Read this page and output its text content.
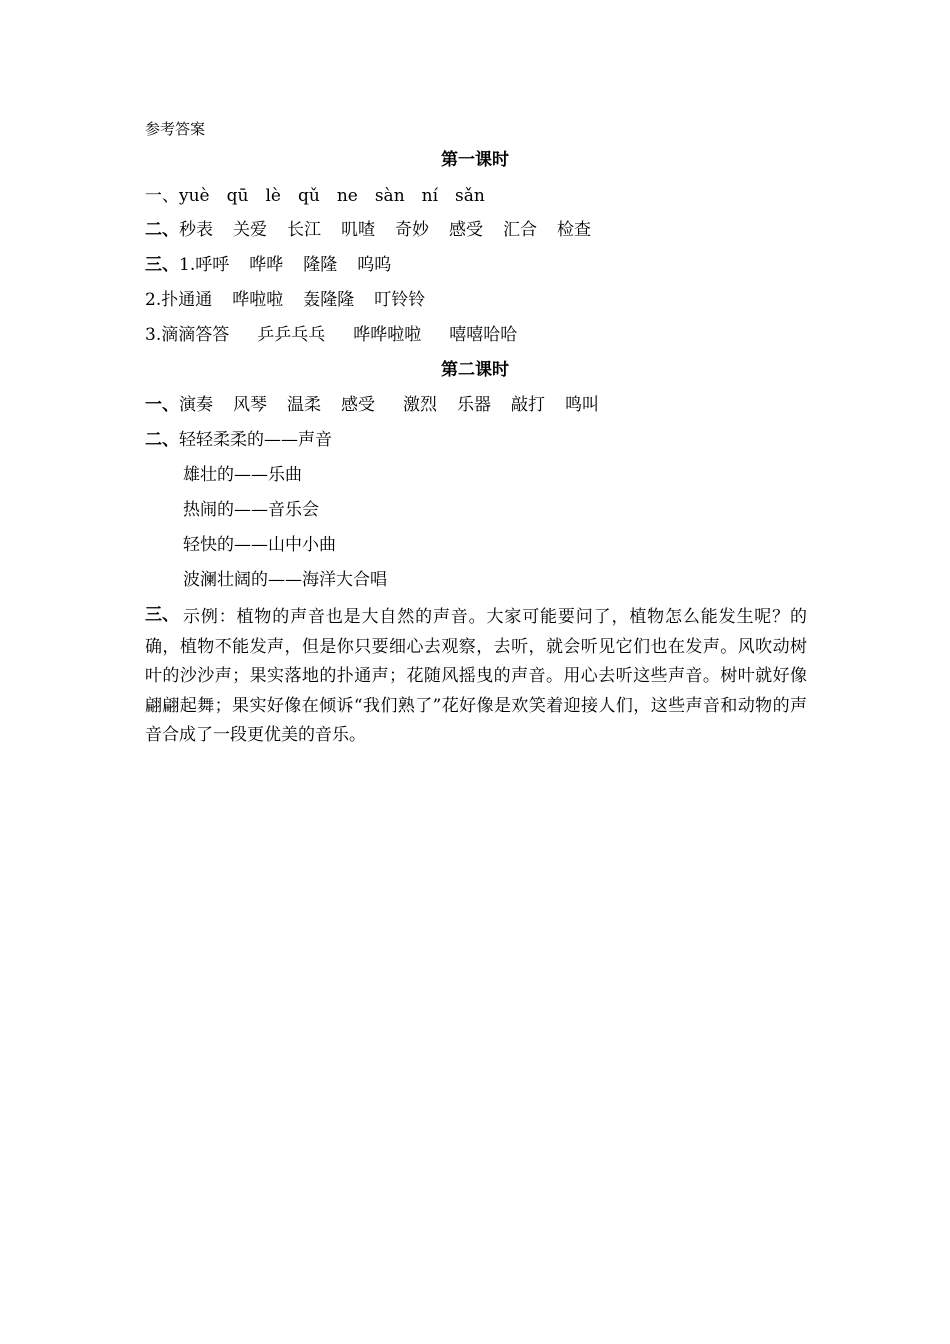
参考答案
第一课时
一、yuè qū lè qǔ ne sàn ní sǎn
二、秒表 关爱 长江 叽喳 奇妙 感受 汇合 检查
三、1.呼呼 哗哗 隆隆 呜呜
2.扑通通 哗啦啦 轰隆隆 叮铃铃
3.滴滴答答 乒乒乓乓 哗哗啦啦 嘻嘻哈哈
第二课时
一、演奏 风琴 温柔 感受 激烈 乐器 敲打 鸣叫
二、轻轻柔柔的——声音
雄壮的——乐曲
热闹的——音乐会
轻快的——山中小曲
波澜壮阔的——海洋大合唱
三、 示例：植物的声音也是大自然的声音。大家可能要问了，植物怎么能发生呢？的确，植物不能发声，但是你只要细心去观察，去听，就会听见它们也在发声。风吹动树叶的沙沙声；果实落地的扑通声；花随风摇曳的声音。用心去听这些声音。树叶就好像翩翩起舞；果实好像在倾诉“我们熟了”花好像是欢笑着迎接人们，这些声音和动物的声音合成了一段更优美的音乐。
